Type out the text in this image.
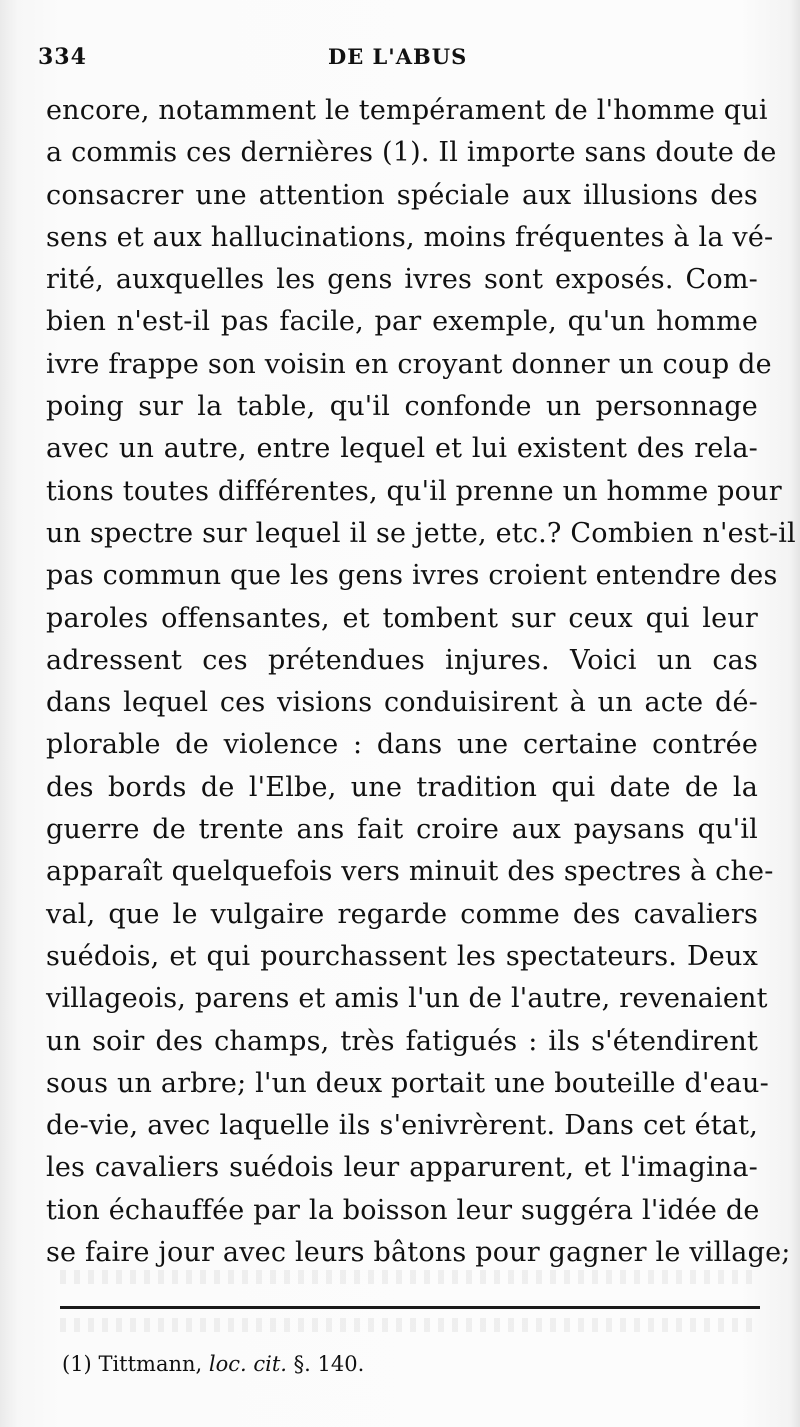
334	DE L'ABUS
encore, notamment le tempérament de l'homme qui
a commis ces dernières (1). Il importe sans doute de
consacrer une attention spéciale aux illusions des
sens et aux hallucinations, moins fréquentes à la vé-
rité, auxquelles les gens ivres sont exposés. Com-
bien n'est-il pas facile, par exemple, qu'un homme
ivre frappe son voisin en croyant donner un coup de
poing sur la table, qu'il confonde un personnage
avec un autre, entre lequel et lui existent des rela-
tions toutes différentes, qu'il prenne un homme pour
un spectre sur lequel il se jette, etc.? Combien n'est-il
pas commun que les gens ivres croient entendre des
paroles offensantes, et tombent sur ceux qui leur
adressent ces prétendues injures. Voici un cas
dans lequel ces visions conduisirent à un acte dé-
plorable de violence : dans une certaine contrée
des bords de l'Elbe, une tradition qui date de la
guerre de trente ans fait croire aux paysans qu'il
apparaît quelquefois vers minuit des spectres à che-
val, que le vulgaire regarde comme des cavaliers
suédois, et qui pourchassent les spectateurs. Deux
villageois, parens et amis l'un de l'autre, revenaient
un soir des champs, très fatigués : ils s'étendirent
sous un arbre; l'un deux portait une bouteille d'eau-
de-vie, avec laquelle ils s'enivrèrent. Dans cet état,
les cavaliers suédois leur apparurent, et l'imagina-
tion échauffée par la boisson leur suggéra l'idée de
se faire jour avec leurs bâtons pour gagner le village;
(1) Tittmann, loc. cit. §. 140.
